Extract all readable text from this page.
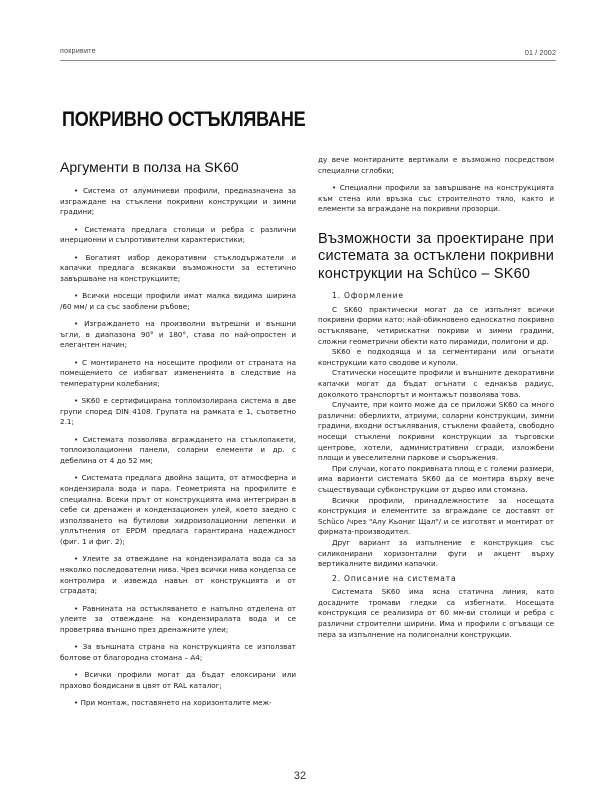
покривите	01 / 2002
ПОКРИВНО ОСТЪКЛЯВАНЕ
Аргументи в полза на SK60

• Система от алуминиеви профили, предназначена за изграждане на стъклени покривни конструкции и зимни градини;

• Системата предлага столици и ребра с различни инерционни и съпротивителни характеристики;

• Богатият избор декоративни стъклодържатели и капачки предлага всякакви възможности за естетично завършване на конструкциите;

• Всички носещи профили имат малка видима ширина /60 мм/ и са със заоблени ръбове;

• Изграждането на произволни вътрешни и външни ъгли, в диапазона 90° и 180°, става по най-опростен и елегантен начин;

• С монтирането на носещите профили от страната на помещението се избягват измененията в следствие на температурни колебания;

• SK60 е сертифицирана топлоизолирана система в две групи според DIN 4108. Групата на рамката е 1, съответно 2.1;

• Системата позволява вграждането на стъклопакети, топлоизолационни панели, соларни елементи и др. с дебелина от 4 до 52 мм;

• Системата предлага двойна защита, от атмосферна и кондензирала вода и пара. Геометрията на профилите е специална. Всеки прът от конструкцията има интегриран в себе си дренажен и кондензационен улей, което заедно с използването на бутилови хидроизолационни лепенки и уплътнения от EPDM предлага гарантирана надеждност (фиг. 1 и фиг. 2);

• Улеите за отвеждане на кондензиралата вода са за няколко последователни нива. Чрез всички нива кондenза се контролира и извежда навън от конструкцията и от сградата;

• Равнината на остъкляването е напълно отделена от улеите за отвеждане на кондензиралата вода и се проветрява външно през дренажните улеи;

• За външната страна на конструкцията се използват болтове от благородна стомана – A4;

• Всички профили могат да бъдат елоксирани или прахово боядисани в цвят от RAL каталог;

• При монтаж, поставянето на хоризонталите меж-

ду вече монтираните вертикали е възможно посредством специални сглобки;

• Специални профили за завършване на конструкцията към стена или връзка със строителното тяло, както и елементи за вграждане на покривни прозорци.

Възможности за проектиране при системата за остъклени покривни конструкции на Schüco – SK60
1. Оформление

С SK60 практически могат да се изпълнят всички покривни форми като: най-обикновено едноскатно покривно остъкляване, четирискатни покриви и зимни градини, сложни геометрични обекти като пирамиди, полигони и др.

SK60 е подходяща и за сегментирани или огънати конструкции като сводове и куполи.

Статически носещите профили и външните декоративни капачки могат да бъдат огънати с еднакъв радиус, доколкото транспортът и монтажът позволява това.

Случаите, при които може да се приложи SK60 са много различни: оберлихти, атриуми, соларни конструкции, зимни градини, входни остъклявания, стъклени фоайета, свободно носещи стъклени покривни конструкции за търговски центрове, хотели, административни сгради, изложбени площи и увеселителни паркове и съоръжения.

При случаи, когато покривната площ е с големи размери, има варианти системата SK60 да се монтира върху вече съществуващи субконструкции от дърво или стомана.

Всички профили, принадлежностите за носещата конструкция и елементите за вграждане се доставят от Schüco /чрез "Алу Кьониг Щал"/ и се изготвят и монтират от фирмата-производител.

Друг вариант за изпълнение е конструкция със силиконирани хоризонтални фуги и акцент върху вертикалните видими капачки.

2. Описание на системата

Системата SK60 има ясна статична линия, като досадните тромави гледки са избегнати. Носещата конструкция се реализира от 60 мм-ви столици и ребра с различни строителни ширини. Има и профили с огъващи се пера за изпълнение на полигонални конструкции.

32
